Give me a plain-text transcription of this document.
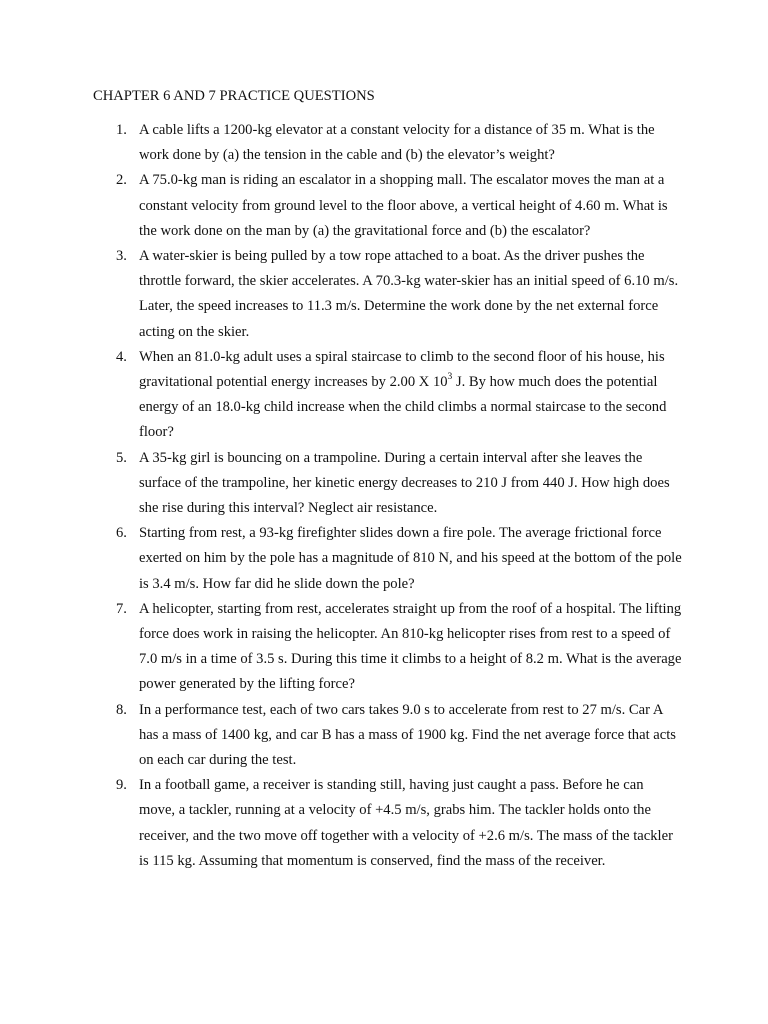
CHAPTER 6 AND 7 PRACTICE QUESTIONS
1. A cable lifts a 1200-kg elevator at a constant velocity for a distance of 35 m. What is the work done by (a) the tension in the cable and (b) the elevator’s weight?
2. A 75.0-kg man is riding an escalator in a shopping mall. The escalator moves the man at a constant velocity from ground level to the floor above, a vertical height of 4.60 m. What is the work done on the man by (a) the gravitational force and (b) the escalator?
3. A water-skier is being pulled by a tow rope attached to a boat. As the driver pushes the throttle forward, the skier accelerates. A 70.3-kg water-skier has an initial speed of 6.10 m/s. Later, the speed increases to 11.3 m/s. Determine the work done by the net external force acting on the skier.
4. When an 81.0-kg adult uses a spiral staircase to climb to the second floor of his house, his gravitational potential energy increases by 2.00 X $10^3$ J. By how much does the potential energy of an 18.0-kg child increase when the child climbs a normal staircase to the second floor?
5. A 35-kg girl is bouncing on a trampoline. During a certain interval after she leaves the surface of the trampoline, her kinetic energy decreases to 210 J from 440 J. How high does she rise during this interval? Neglect air resistance.
6. Starting from rest, a 93-kg firefighter slides down a fire pole. The average frictional force exerted on him by the pole has a magnitude of 810 N, and his speed at the bottom of the pole is 3.4 m/s. How far did he slide down the pole?
7. A helicopter, starting from rest, accelerates straight up from the roof of a hospital. The lifting force does work in raising the helicopter. An 810-kg helicopter rises from rest to a speed of 7.0 m/s in a time of 3.5 s. During this time it climbs to a height of 8.2 m. What is the average power generated by the lifting force?
8. In a performance test, each of two cars takes 9.0 s to accelerate from rest to 27 m/s. Car A has a mass of 1400 kg, and car B has a mass of 1900 kg. Find the net average force that acts on each car during the test.
9. In a football game, a receiver is standing still, having just caught a pass. Before he can move, a tackler, running at a velocity of +4.5 m/s, grabs him. The tackler holds onto the receiver, and the two move off together with a velocity of +2.6 m/s. The mass of the tackler is 115 kg. Assuming that momentum is conserved, find the mass of the receiver.
